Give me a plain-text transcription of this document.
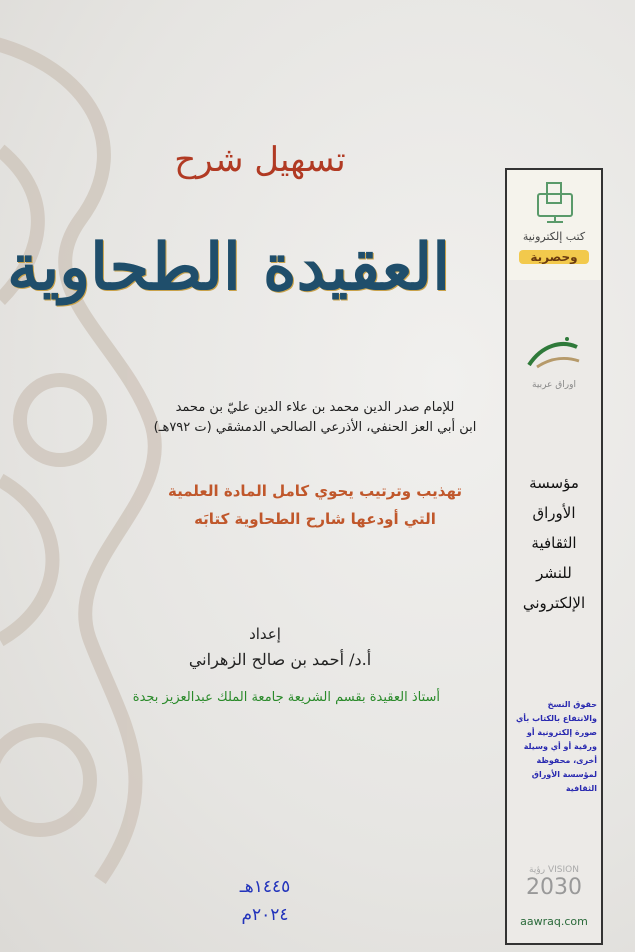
تسهيل شرح
العقيدة الطحاوية
للإمام صدر الدين محمد بن علاء الدين عليّ بن محمد
ابن أبي العز الحنفي، الأذرعي الصالحي الدمشقي (ت ٧٩٢هـ)
تهذيب وترتيب يحوي كامل المادة العلمية
التي أودعها شارح الطحاوية كتابَه
إعداد
أ.د/ أحمد بن صالح الزهراني
أستاذ العقيدة بقسم الشريعة جامعة الملك عبدالعزيز بجدة
١٤٤٥هـ
٢٠٢٤م
كتب إلكترونية
وحصرية
اوراق عربية
مؤسسة
الأوراق
الثقافية
للنشر
الإلكتروني
حقوق النسخ والانتفاع بالكتاب بأي صورة إلكترونية أو ورقية أو أي وسيلة أخرى، محفوظة لمؤسسة الأوراق الثقافية
VISION رؤية
2030
aawraq.com
